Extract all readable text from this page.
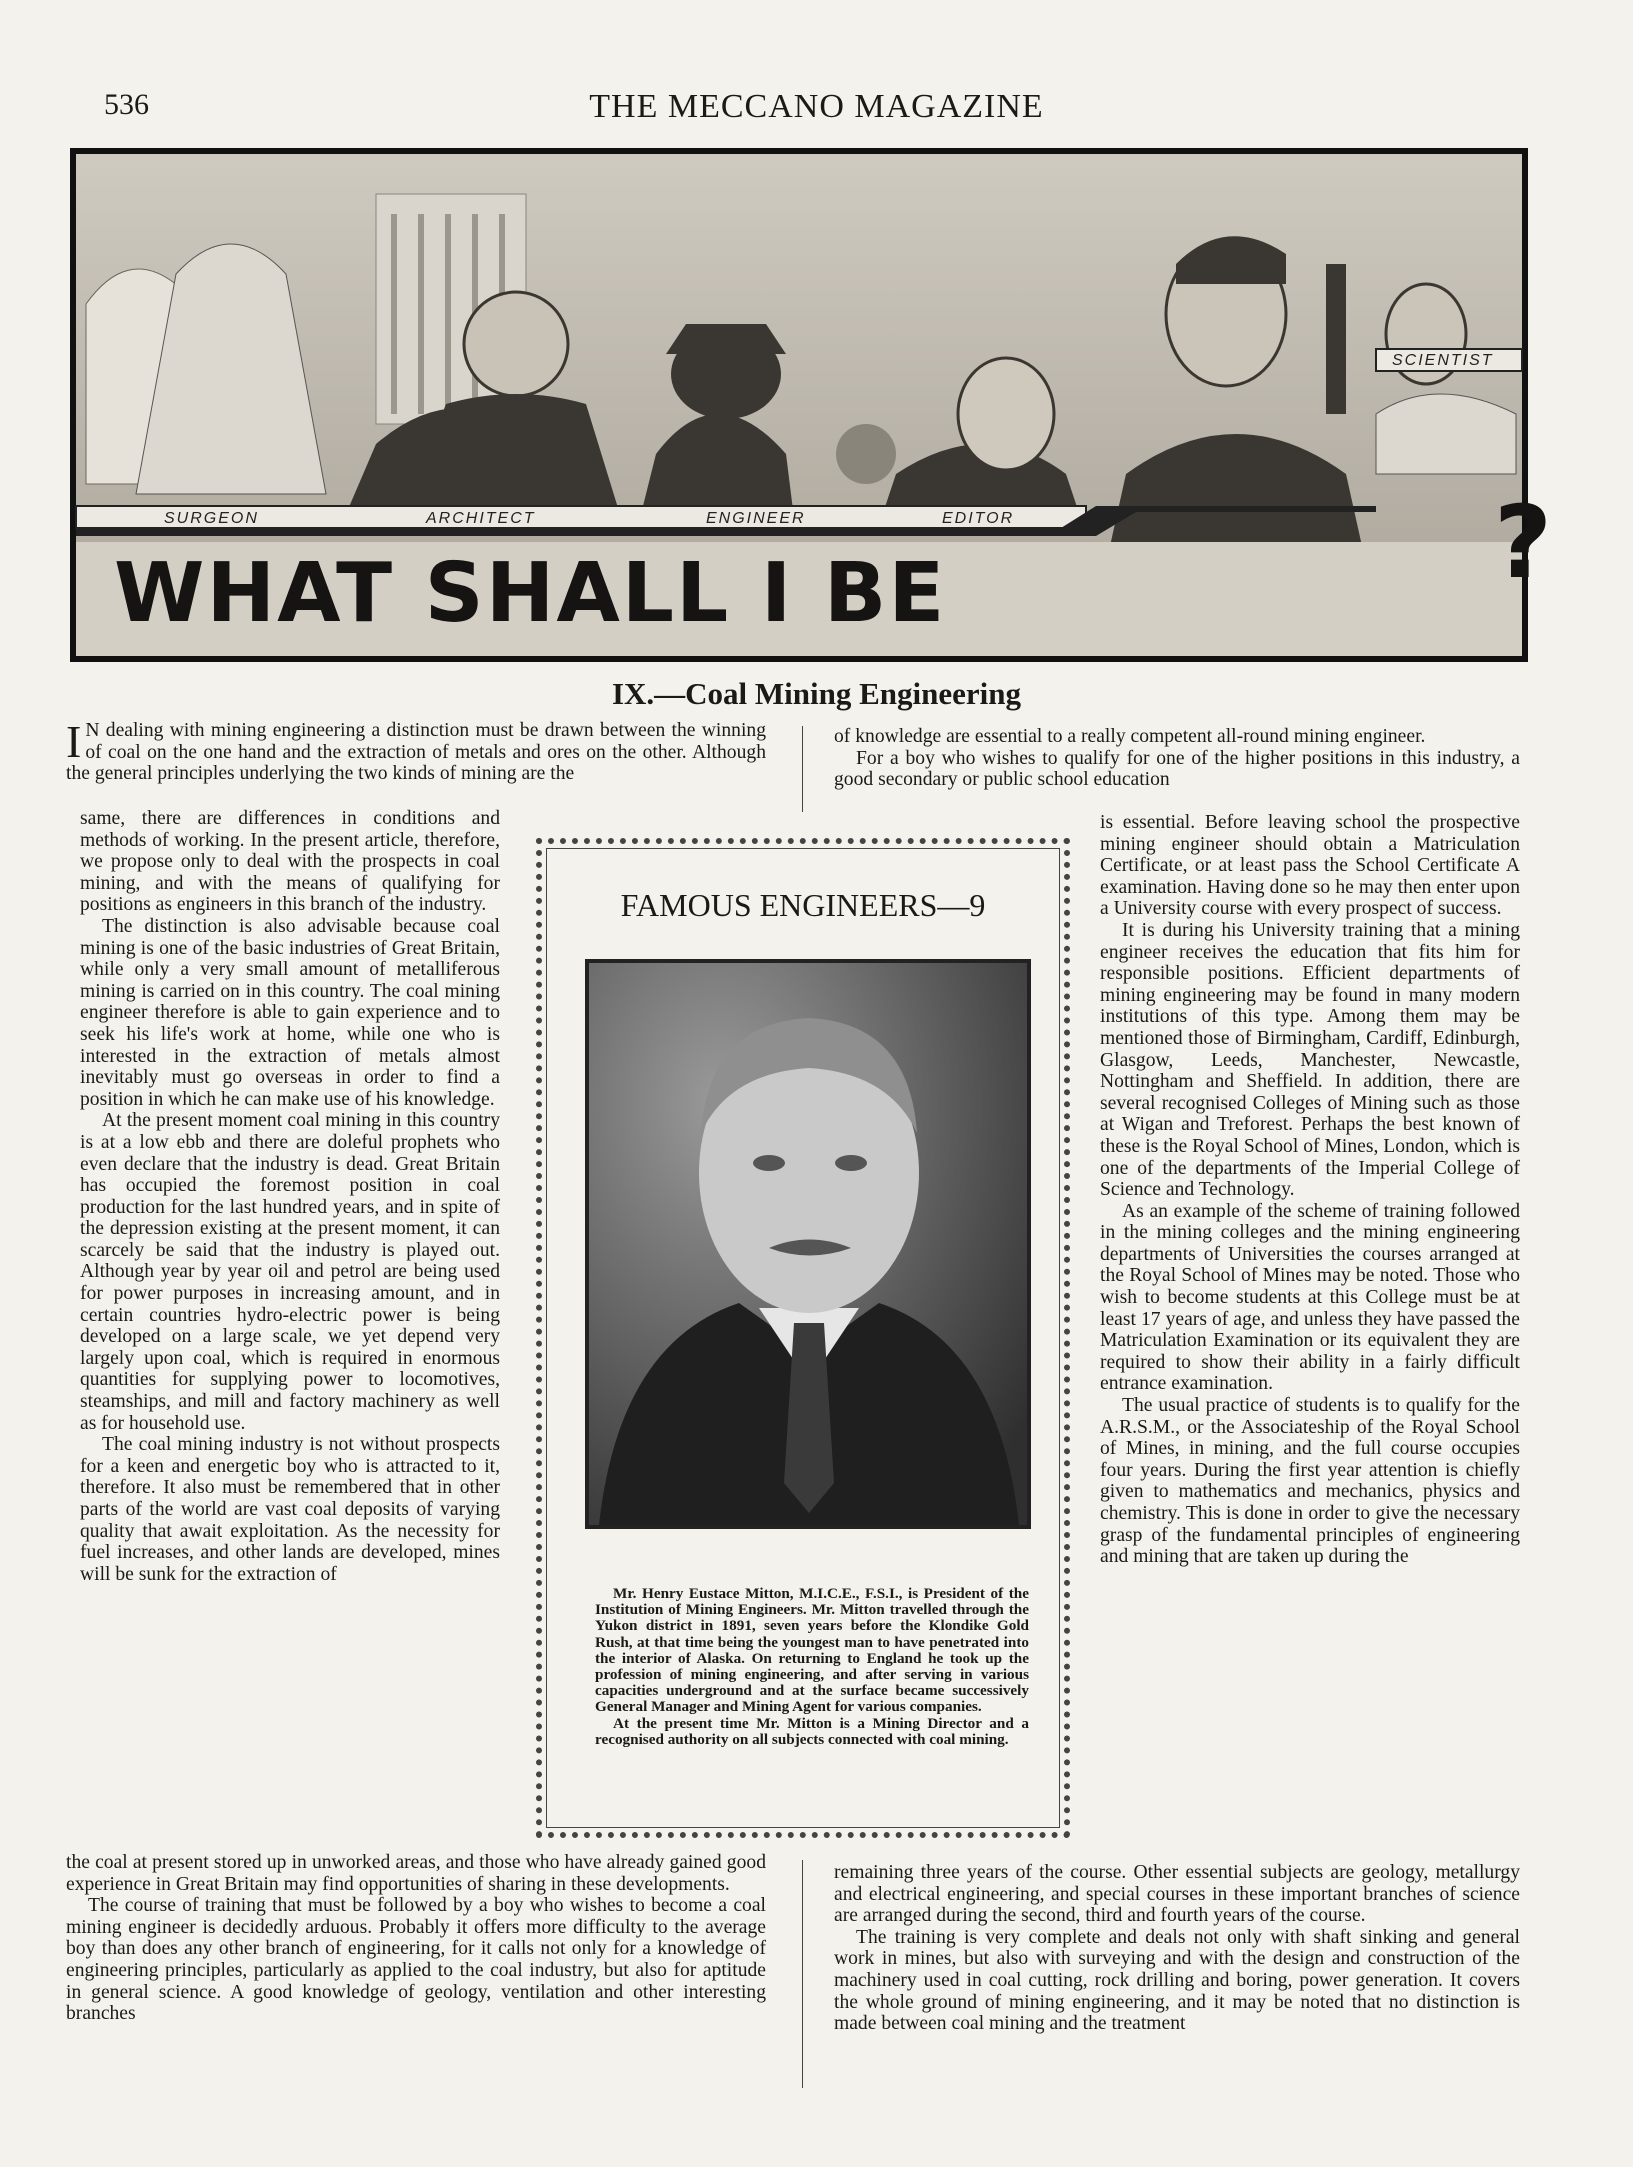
536	THE MECCANO MAGAZINE
SURGEON	ARCHITECT	ENGINEER	EDITOR
SCIENTIST
WHAT SHALL I BE	?
IX.—Coal Mining Engineering

I N dealing with mining engineering a distinction must be drawn between the winning of coal on the one hand and the extraction of metals and ores on the other. Although the general principles underlying the two kinds of mining are the

of knowledge are essential to a really competent all-round mining engineer.

For a boy who wishes to qualify for one of the higher positions in this industry, a good secondary or public school education

same, there are differences in conditions and methods of working. In the present article, therefore, we propose only to deal with the prospects in coal mining, and with the means of qualifying for positions as engineers in this branch of the industry.

The distinction is also advisable because coal mining is one of the basic industries of Great Britain, while only a very small amount of metalliferous mining is carried on in this country. The coal mining engineer therefore is able to gain experience and to seek his life's work at home, while one who is interested in the extraction of metals almost inevitably must go overseas in order to find a position in which he can make use of his knowledge.

At the present moment coal mining in this country is at a low ebb and there are doleful prophets who even declare that the industry is dead. Great Britain has occupied the foremost position in coal production for the last hundred years, and in spite of the depression existing at the present moment, it can scarcely be said that the industry is played out. Although year by year oil and petrol are being used for power purposes in increasing amount, and in certain countries hydro-electric power is being developed on a large scale, we yet depend very largely upon coal, which is required in enormous quantities for supplying power to locomotives, steamships, and mill and factory machinery as well as for household use.

The coal mining industry is not without prospects for a keen and energetic boy who is attracted to it, therefore. It also must be remembered that in other parts of the world are vast coal deposits of varying quality that await exploitation. As the necessity for fuel increases, and other lands are developed, mines will be sunk for the extraction of

is essential. Before leaving school the prospective mining engineer should obtain a Matriculation Certificate, or at least pass the School Certificate A examination. Having done so he may then enter upon a University course with every prospect of success.

It is during his University training that a mining engineer receives the education that fits him for responsible positions. Efficient departments of mining engineering may be found in many modern institutions of this type. Among them may be mentioned those of Birmingham, Cardiff, Edinburgh, Glasgow, Leeds, Manchester, Newcastle, Nottingham and Sheffield. In addition, there are several recognised Colleges of Mining such as those at Wigan and Treforest. Perhaps the best known of these is the Royal School of Mines, London, which is one of the departments of the Imperial College of Science and Technology.

As an example of the scheme of training followed in the mining colleges and the mining engineering departments of Universities the courses arranged at the Royal School of Mines may be noted. Those who wish to become students at this College must be at least 17 years of age, and unless they have passed the Matriculation Examination or its equivalent they are required to show their ability in a fairly difficult entrance examination.

The usual practice of students is to qualify for the A.R.S.M., or the Associateship of the Royal School of Mines, in mining, and the full course occupies four years. During the first year attention is chiefly given to mathematics and mechanics, physics and chemistry. This is done in order to give the necessary grasp of the fundamental principles of engineering and mining that are taken up during the

the coal at present stored up in unworked areas, and those who have already gained good experience in Great Britain may find opportunities of sharing in these developments.

The course of training that must be followed by a boy who wishes to become a coal mining engineer is decidedly arduous. Probably it offers more difficulty to the average boy than does any other branch of engineering, for it calls not only for a knowledge of engineering principles, particularly as applied to the coal industry, but also for aptitude in general science. A good knowledge of geology, ventilation and other interesting branches

remaining three years of the course. Other essential subjects are geology, metallurgy and electrical engineering, and special courses in these important branches of science are arranged during the second, third and fourth years of the course.

The training is very complete and deals not only with shaft sinking and general work in mines, but also with surveying and with the design and construction of the machinery used in coal cutting, rock drilling and boring, power generation. It covers the whole ground of mining engineering, and it may be noted that no distinction is made between coal mining and the treatment

FAMOUS ENGINEERS—9

Mr. Henry Eustace Mitton, M.I.C.E., F.S.I., is President of the Institution of Mining Engineers. Mr. Mitton travelled through the Yukon district in 1891, seven years before the Klondike Gold Rush, at that time being the youngest man to have penetrated into the interior of Alaska. On returning to England he took up the profession of mining engineering, and after serving in various capacities underground and at the surface became successively General Manager and Mining Agent for various companies.

At the present time Mr. Mitton is a Mining Director and a recognised authority on all subjects connected with coal mining.
